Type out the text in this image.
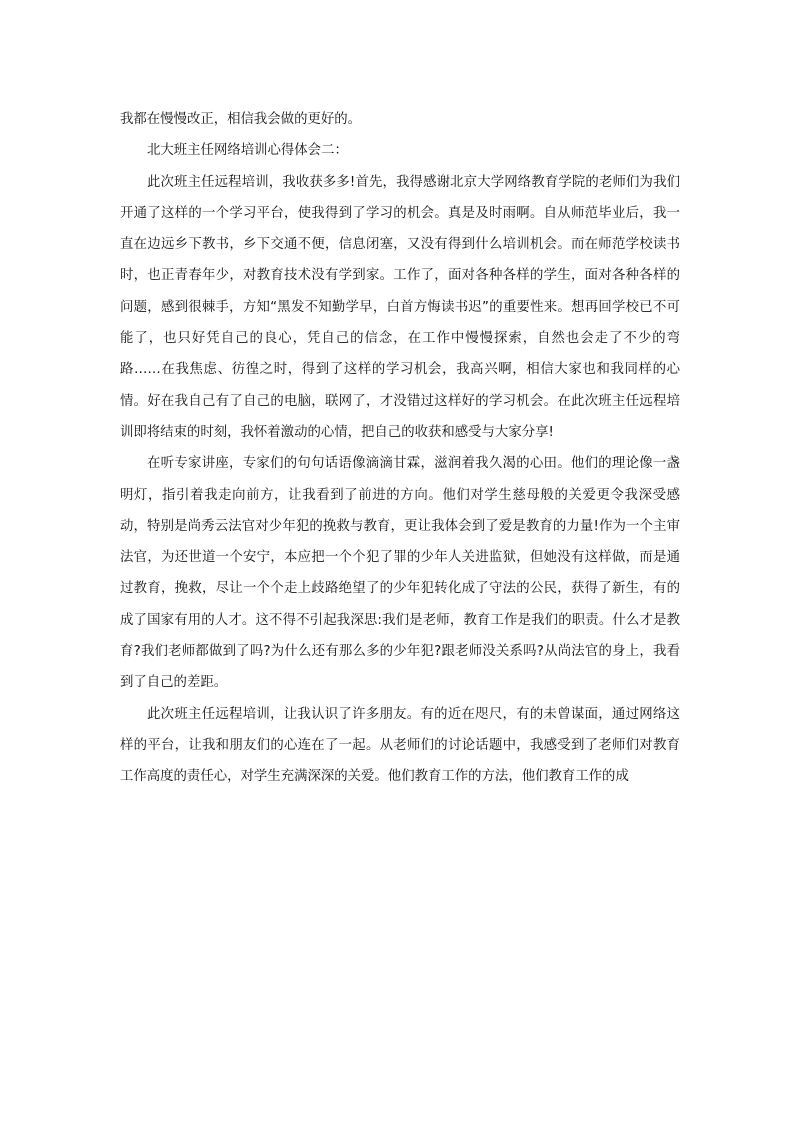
我都在慢慢改正，相信我会做的更好的。

北大班主任网络培训心得体会二：

此次班主任远程培训，我收获多多!首先，我得感谢北京大学网络教育学院的老师们为我们开通了这样的一个学习平台，使我得到了学习的机会。真是及时雨啊。自从师范毕业后，我一直在边远乡下教书，乡下交通不便，信息闭塞，又没有得到什么培训机会。而在师范学校读书时，也正青春年少，对教育技术没有学到家。工作了，面对各种各样的学生，面对各种各样的问题，感到很棘手，方知“黑发不知勤学早，白首方悔读书迟”的重要性来。想再回学校已不可能了，也只好凭自己的良心，凭自己的信念，在工作中慢慢探索，自然也会走了不少的弯路……在我焦虑、彷徨之时，得到了这样的学习机会，我高兴啊，相信大家也和我同样的心情。好在我自己有了自己的电脑，联网了，才没错过这样好的学习机会。在此次班主任远程培训即将结束的时刻，我怀着激动的心情，把自己的收获和感受与大家分享!

在听专家讲座，专家们的句句话语像滴滴甘霖，滋润着我久渴的心田。他们的理论像一盏明灯，指引着我走向前方，让我看到了前进的方向。他们对学生慈母般的关爱更令我深受感动，特别是尚秀云法官对少年犯的挽救与教育，更让我体会到了爱是教育的力量!作为一个主审法官，为还世道一个安宁，本应把一个个犯了罪的少年人关进监狱，但她没有这样做，而是通过教育，挽救，尽让一个个走上歧路绝望了的少年犯转化成了守法的公民，获得了新生，有的成了国家有用的人才。这不得不引起我深思:我们是老师，教育工作是我们的职责。什么才是教育?我们老师都做到了吗?为什么还有那么多的少年犯?跟老师没关系吗?从尚法官的身上，我看到了自己的差距。

此次班主任远程培训，让我认识了许多朋友。有的近在咫尺，有的未曾谋面，通过网络这样的平台，让我和朋友们的心连在了一起。从老师们的讨论话题中，我感受到了老师们对教育工作高度的责任心，对学生充满深深的关爱。他们教育工作的方法，他们教育工作的成
